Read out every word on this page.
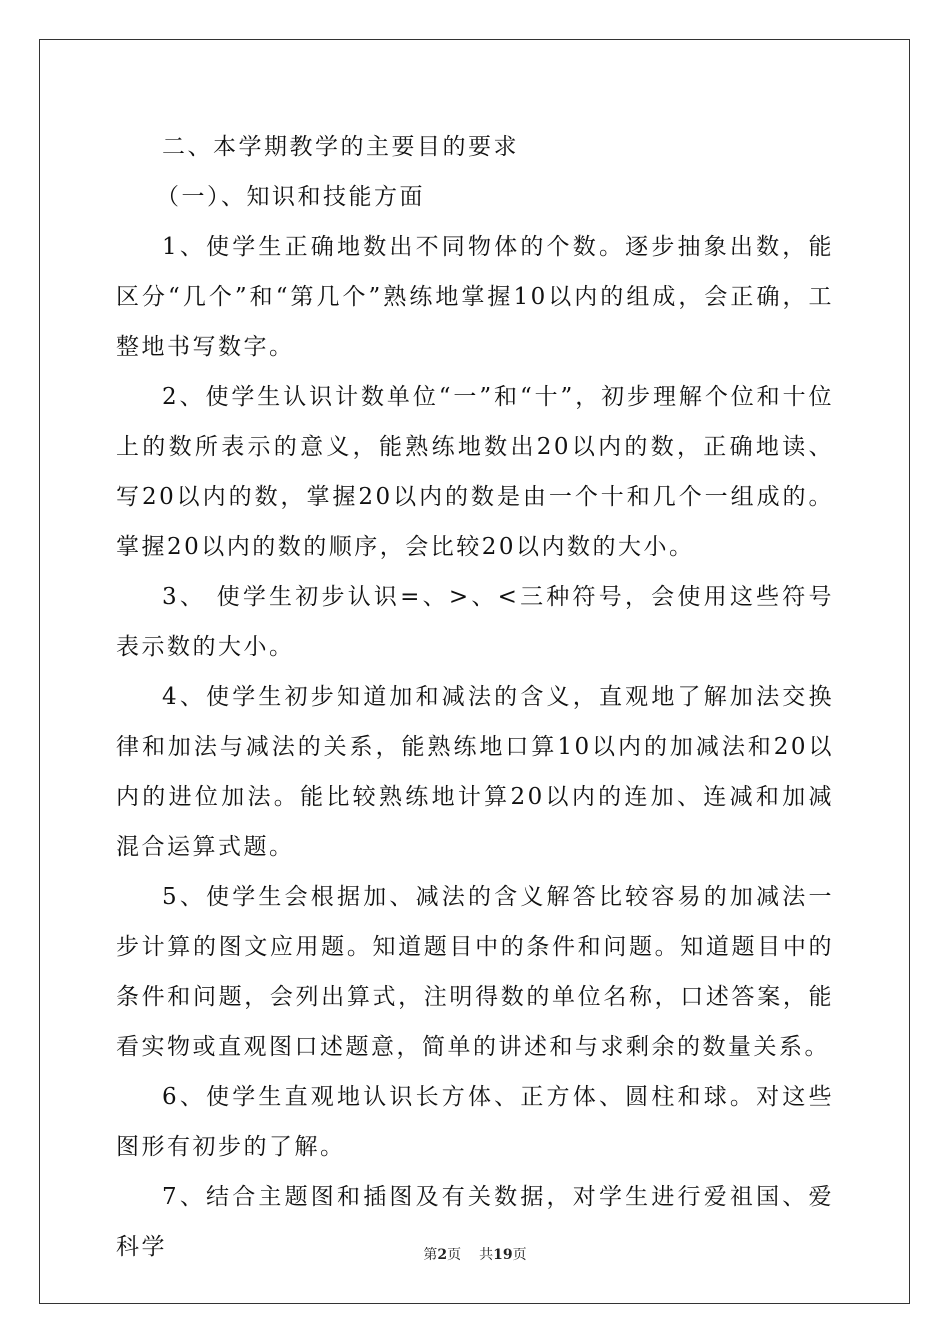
二、本学期教学的主要目的要求

（一）、知识和技能方面

1、使学生正确地数出不同物体的个数。逐步抽象出数，能区分“几个”和“第几个”熟练地掌握10以内的组成，会正确，工整地书写数字。

2、使学生认识计数单位“一”和“十”，初步理解个位和十位上的数所表示的意义，能熟练地数出20以内的数，正确地读、写20以内的数，掌握20以内的数是由一个十和几个一组成的。掌握20以内的数的顺序，会比较20以内数的大小。

3、 使学生初步认识=、>、<三种符号，会使用这些符号表示数的大小。

4、使学生初步知道加和减法的含义，直观地了解加法交换律和加法与减法的关系，能熟练地口算10以内的加减法和20以内的进位加法。能比较熟练地计算20以内的连加、连减和加减混合运算式题。

5、使学生会根据加、减法的含义解答比较容易的加减法一步计算的图文应用题。知道题目中的条件和问题。知道题目中的条件和问题，会列出算式，注明得数的单位名称，口述答案，能看实物或直观图口述题意，简单的讲述和与求剩余的数量关系。

6、使学生直观地认识长方体、正方体、圆柱和球。对这些图形有初步的了解。

7、结合主题图和插图及有关数据，对学生进行爱祖国、爱科学	第2页 共19页
